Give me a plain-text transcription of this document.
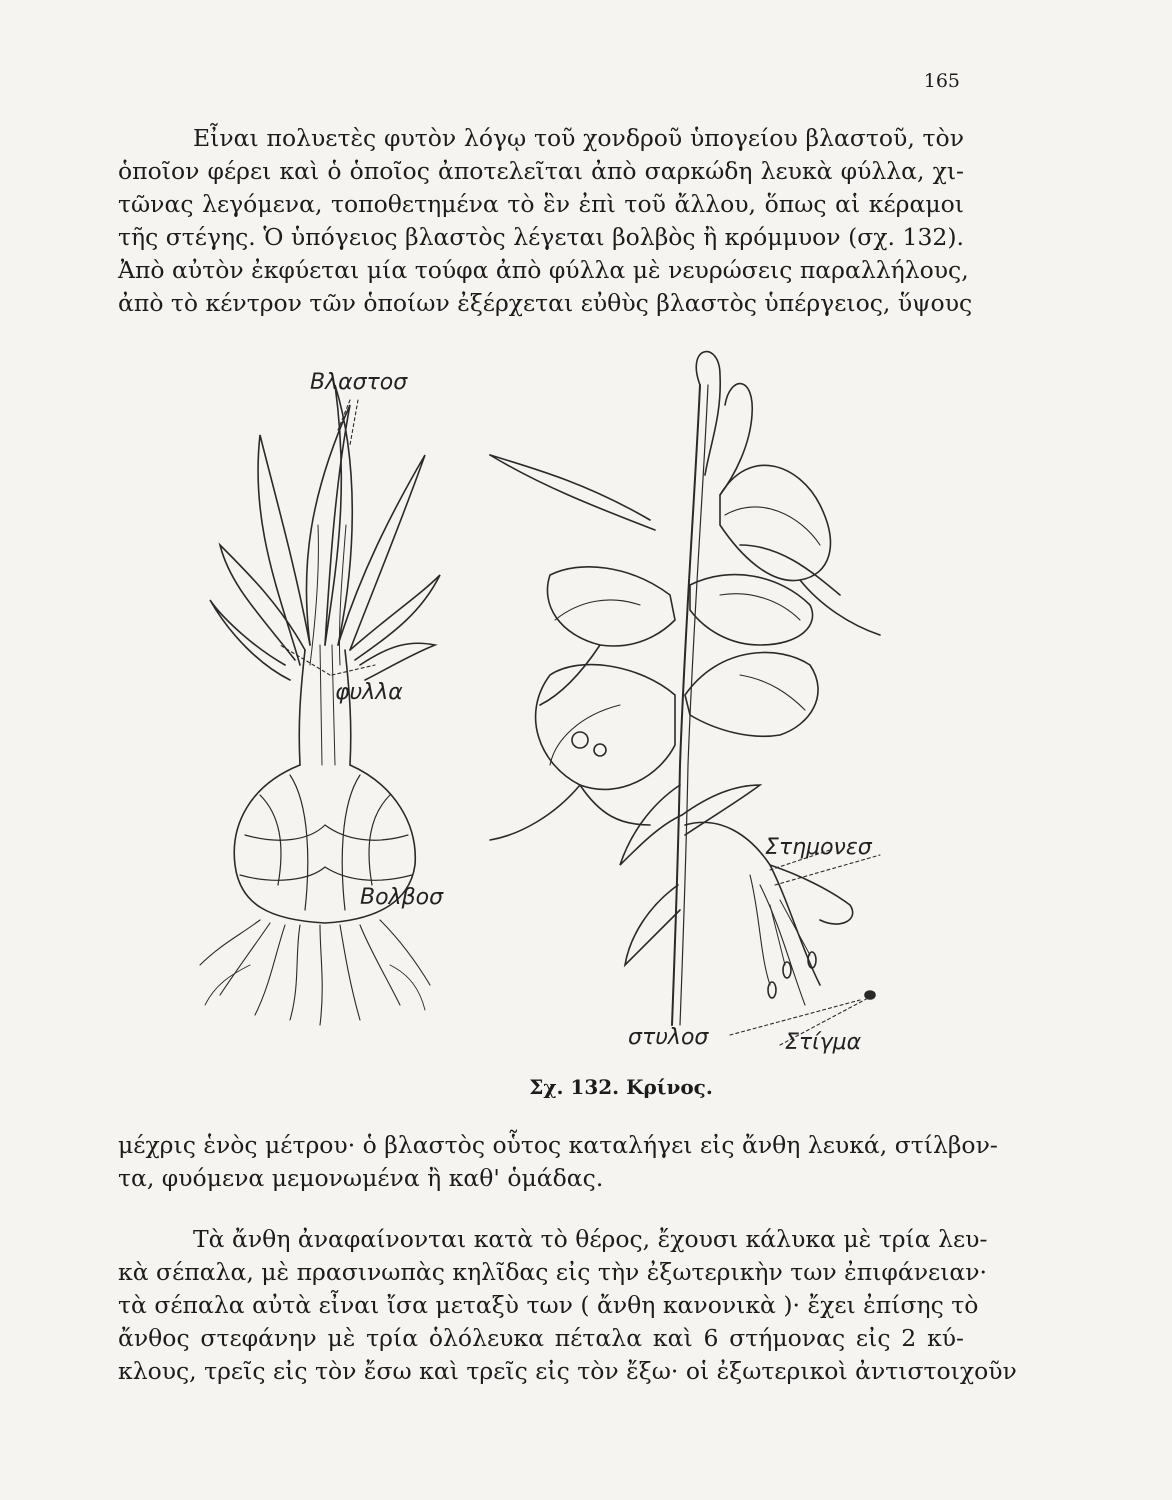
165

Εἶναι πολυετὲς φυτὸν λόγῳ τοῦ χονδροῦ ὑπογείου βλαστοῦ, τὸν
ὁποῖον φέρει καὶ ὁ ὁποῖος ἀποτελεῖται ἀπὸ σαρκώδη λευκὰ φύλλα, χι-
τῶνας λεγόμενα, τοποθετημένα τὸ ἓν ἐπὶ τοῦ ἄλλου, ὅπως αἱ κέραμοι
τῆς στέγης. Ὁ ὑπόγειος βλαστὸς λέγεται βολβὸς ἢ κρόμμυον (σχ. 132).
Ἀπὸ αὐτὸν ἐκφύεται μία τούφα ἀπὸ φύλλα μὲ νευρώσεις παραλλήλους,
ἀπὸ τὸ κέντρον τῶν ὁποίων ἐξέρχεται εὐθὺς βλαστὸς ὑπέργειος, ὕψους

Βλαστοσ
φυλλα
Βολβοσ
Στημονεσ
στυλοσ	Στίγμα
Σχ. 132. Κρίνος.

μέχρις ἑνὸς μέτρου· ὁ βλαστὸς οὗτος καταλήγει εἰς ἄνθη λευκά, στίλβον-
τα, φυόμενα μεμονωμένα ἢ καθ' ὁμάδας.

Τὰ ἄνθη ἀναφαίνονται κατὰ τὸ θέρος, ἔχουσι κάλυκα μὲ τρία λευ-
κὰ σέπαλα, μὲ πρασινωπὰς κηλῖδας εἰς τὴν ἐξωτερικὴν των ἐπιφάνειαν·
τὰ σέπαλα αὐτὰ εἶναι ἴσα μεταξὺ των ( ἄνθη κανονικὰ )· ἔχει ἐπίσης τὸ
ἄνθος στεφάνην μὲ τρία ὁλόλευκα πέταλα καὶ 6 στήμονας εἰς 2 κύ-
κλους, τρεῖς εἰς τὸν ἔσω καὶ τρεῖς εἰς τὸν ἔξω· οἱ ἐξωτερικοὶ ἀντιστοιχοῦν
